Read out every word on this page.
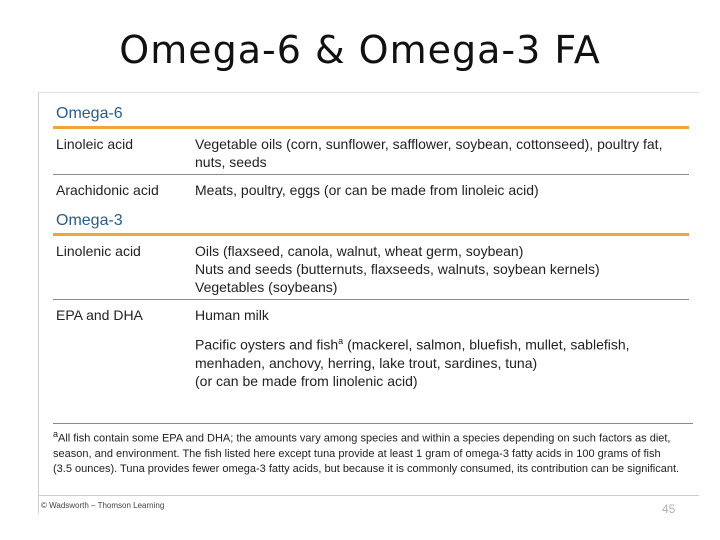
Omega-6 & Omega-3 FA
Omega-6
Linoleic acid	Vegetable oils (corn, sunflower, safflower, soybean, cottonseed), poultry fat,
nuts, seeds
Arachidonic acid	Meats, poultry, eggs (or can be made from linoleic acid)
Omega-3
Linolenic acid	Oils (flaxseed, canola, walnut, wheat germ, soybean)
Nuts and seeds (butternuts, flaxseeds, walnuts, soybean kernels)
Vegetables (soybeans)
EPA and DHA	Human milk
Pacific oysters and fish$^a$ (mackerel, salmon, bluefish, mullet, sablefish,
menhaden, anchovy, herring, lake trout, sardines, tuna)
(or can be made from linolenic acid)
$^a$All fish contain some EPA and DHA; the amounts vary among species and within a species depending on such factors as diet,
season, and environment. The fish listed here except tuna provide at least 1 gram of omega-3 fatty acids in 100 grams of fish
(3.5 ounces). Tuna provides fewer omega-3 fatty acids, but because it is commonly consumed, its contribution can be significant.
© Wadsworth – Thomson Learning	45
